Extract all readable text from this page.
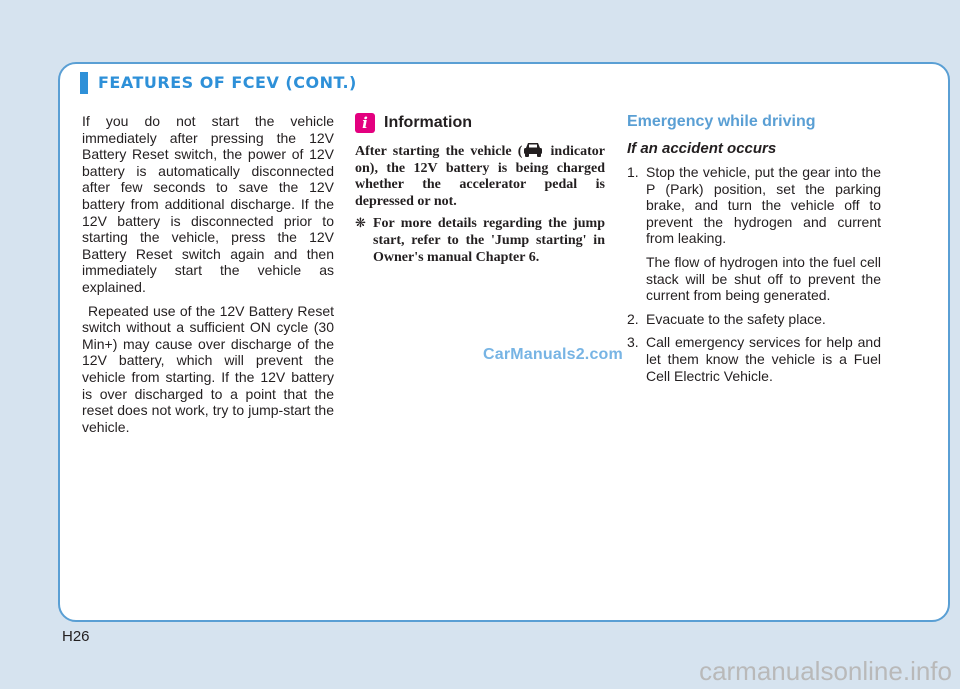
FEATURES OF FCEV (CONT.)

If you do not start the vehicle immediately after pressing the 12V Battery Reset switch, the power of 12V battery is automatically disconnected after few seconds to save the 12V battery from additional discharge. If the 12V battery is disconnected prior to starting the vehicle, press the 12V Battery Reset switch again and then immediately start the vehicle as explained.

Repeated use of the 12V Battery Reset switch without a sufficient ON cycle (30 Min+) may cause over discharge of the 12V battery, which will prevent the vehicle from starting. If the 12V battery is over discharged to a point that the reset does not work, try to jump-start the vehicle.

i	Information

After starting the vehicle ( indicator on), the 12V battery is being charged whether the accelerator pedal is depressed or not.

❋ For more details regarding the jump start, refer to the 'Jump starting' in Owner's manual Chapter 6.
Emergency while driving
If an accident occurs
1. Stop the vehicle, put the gear into the P (Park) position, set the parking brake, and turn the vehicle off to prevent the hydrogen and current from leaking.

The flow of hydrogen into the fuel cell stack will be shut off to prevent the current from being generated.

2. Evacuate to the safety place.
3. Call emergency services for help and let them know the vehicle is a Fuel Cell Electric Vehicle.
CarManuals2.com
H26
carmanualsonline.info
